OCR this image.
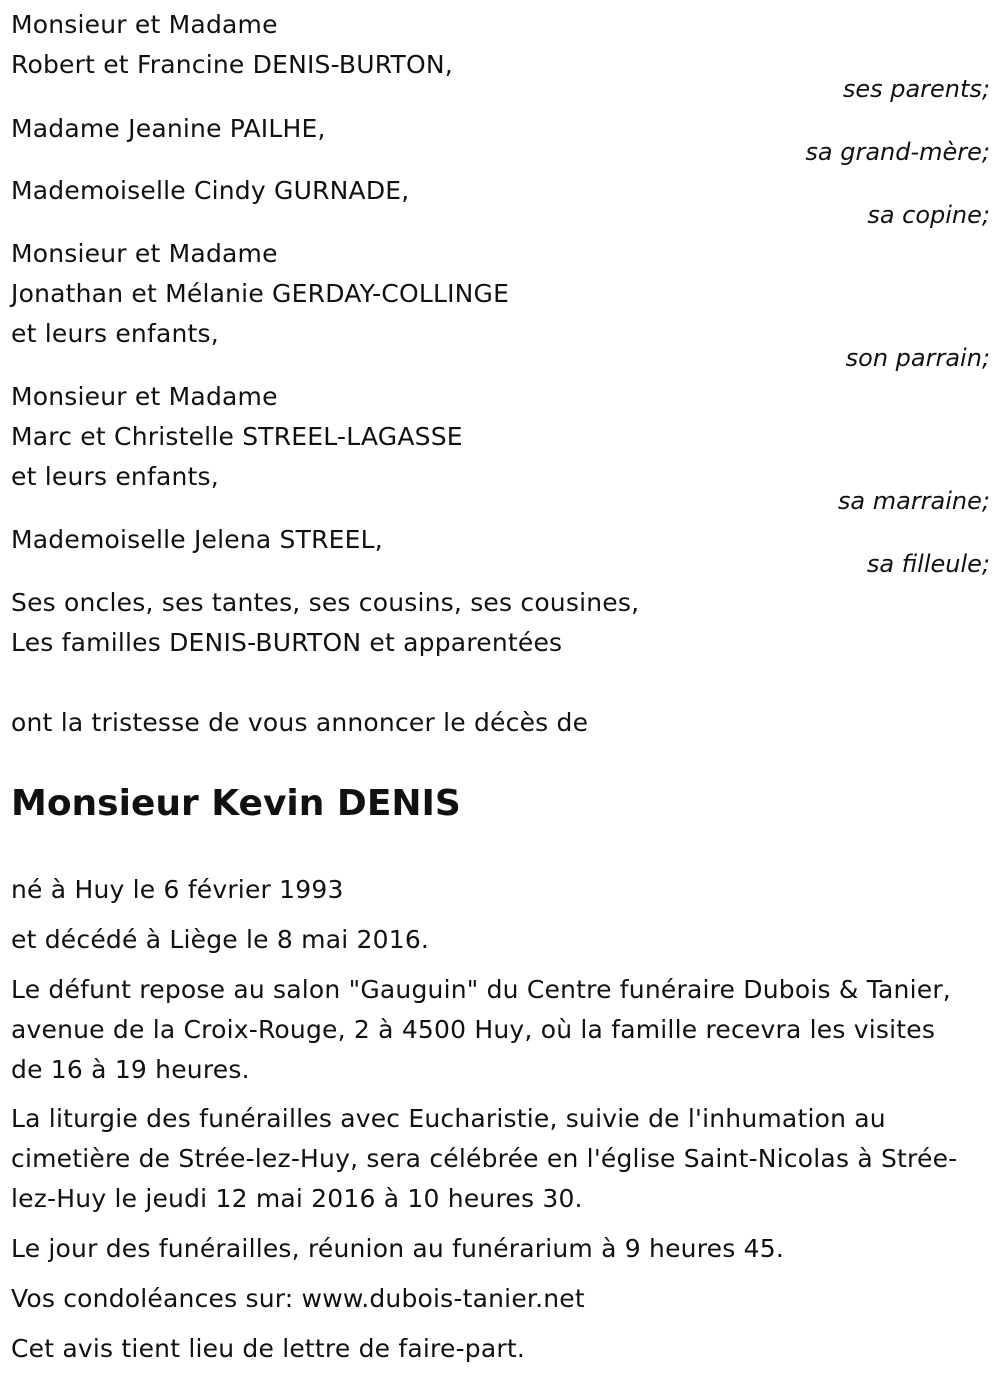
Monsieur et Madame
Robert et Francine DENIS-BURTON,
ses parents;
Madame Jeanine PAILHE,
sa grand-mère;
Mademoiselle Cindy GURNADE,
sa copine;
Monsieur et Madame
Jonathan et Mélanie GERDAY-COLLINGE
et leurs enfants,
son parrain;
Monsieur et Madame
Marc et Christelle STREEL-LAGASSE
et leurs enfants,
sa marraine;
Mademoiselle Jelena STREEL,
sa filleule;
Ses oncles, ses tantes, ses cousins, ses cousines,
Les familles DENIS-BURTON et apparentées
ont la tristesse de vous annoncer le décès de
Monsieur Kevin DENIS
né à Huy le 6 février 1993
et décédé à Liège le 8 mai 2016.
Le défunt repose au salon "Gauguin" du Centre funéraire Dubois & Tanier,
avenue de la Croix-Rouge, 2 à 4500 Huy, où la famille recevra les visites
de 16 à 19 heures.
La liturgie des funérailles avec Eucharistie, suivie de l'inhumation au
cimetière de Strée-lez-Huy, sera célébrée en l'église Saint-Nicolas à Strée-
lez-Huy le jeudi 12 mai 2016 à 10 heures 30.
Le jour des funérailles, réunion au funérarium à 9 heures 45.
Vos condoléances sur: www.dubois-tanier.net
Cet avis tient lieu de lettre de faire-part.
